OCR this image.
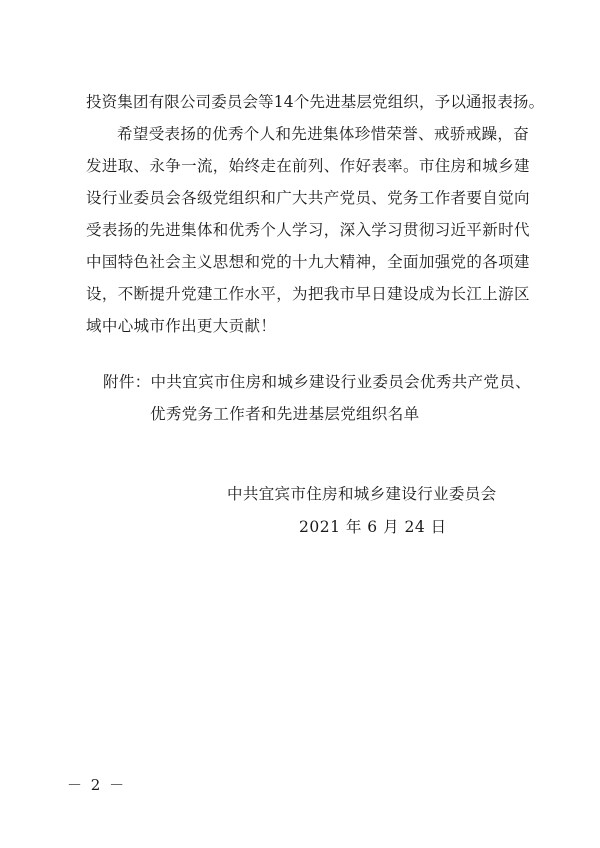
投资集团有限公司委员会等14个先进基层党组织，予以通报表扬。
希望受表扬的优秀个人和先进集体珍惜荣誉、戒骄戒躁，奋
发进取、永争一流，始终走在前列、作好表率。市住房和城乡建
设行业委员会各级党组织和广大共产党员、党务工作者要自觉向
受表扬的先进集体和优秀个人学习，深入学习贯彻习近平新时代
中国特色社会主义思想和党的十九大精神，全面加强党的各项建
设，不断提升党建工作水平，为把我市早日建设成为长江上游区
域中心城市作出更大贡献！
附件：中共宜宾市住房和城乡建设行业委员会优秀共产党员、
优秀党务工作者和先进基层党组织名单
中共宜宾市住房和城乡建设行业委员会
2021 年 6 月 24 日
－ 2 －
